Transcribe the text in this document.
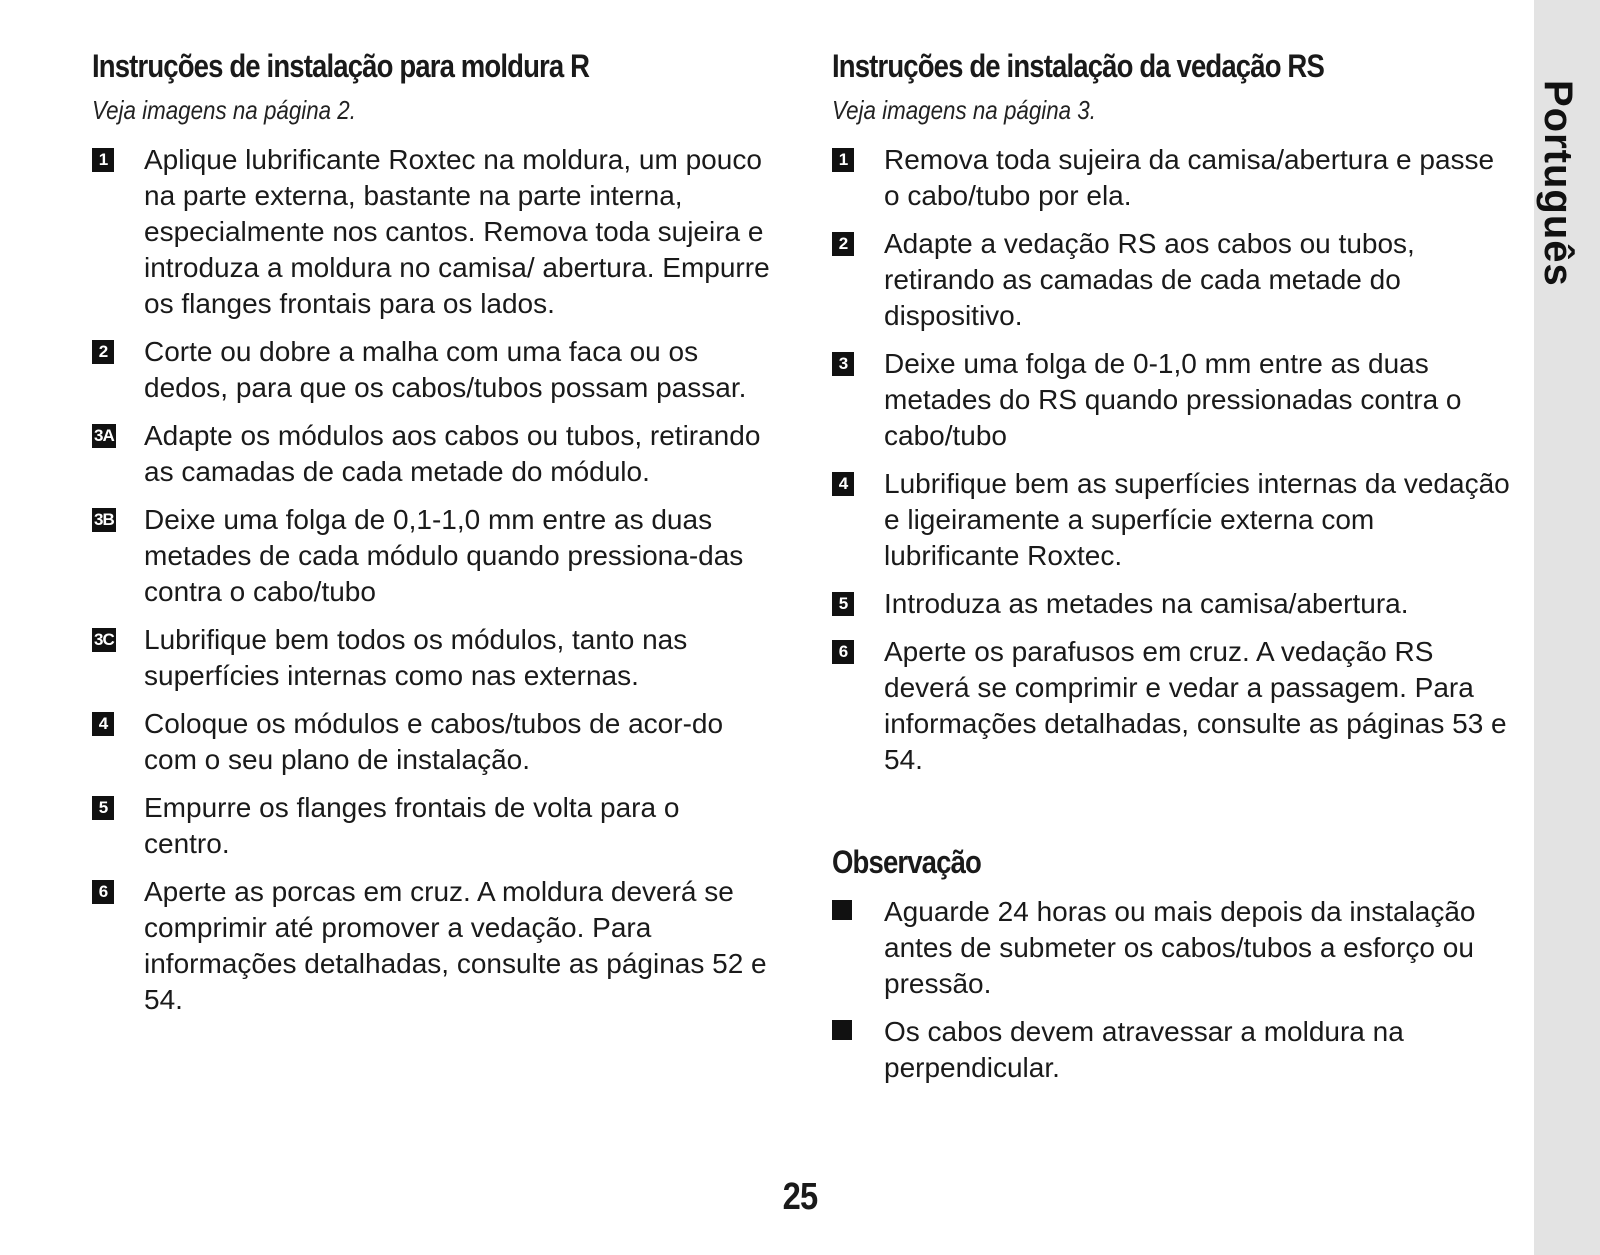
Instruções de instalação para moldura R

Veja imagens na página 2.

1 Aplique lubrificante Roxtec na moldura, um pouco na parte externa, bastante na parte interna, especialmente nos cantos. Remova toda sujeira e introduza a moldura no camisa/ abertura. Empurre os flanges frontais para os lados.
2 Corte ou dobre a malha com uma faca ou os dedos, para que os cabos/tubos possam passar.
3A Adapte os módulos aos cabos ou tubos, retirando as camadas de cada metade do módulo.
3B Deixe uma folga de 0,1-1,0 mm entre as duas metades de cada módulo quando pressiona-das contra o cabo/tubo
3C Lubrifique bem todos os módulos, tanto nas superfícies internas como nas externas.
4 Coloque os módulos e cabos/tubos de acor-do com o seu plano de instalação.
5 Empurre os flanges frontais de volta para o centro.
6 Aperte as porcas em cruz. A moldura deverá se comprimir até promover a vedação. Para informações detalhadas, consulte as páginas 52 e 54.
Instruções de instalação da vedação RS

Veja imagens na página 3.

1 Remova toda sujeira da camisa/abertura e passe o cabo/tubo por ela.
2 Adapte a vedação RS aos cabos ou tubos, retirando as camadas de cada metade do dispositivo.
3 Deixe uma folga de 0-1,0 mm entre as duas metades do RS quando pressionadas contra o cabo/tubo
4 Lubrifique bem as superfícies internas da vedação e ligeiramente a superfície externa com lubrificante Roxtec.
5 Introduza as metades na camisa/abertura.
6 Aperte os parafusos em cruz. A vedação RS deverá se comprimir e vedar a passagem. Para informações detalhadas, consulte as páginas 53 e 54.
Observação
Aguarde 24 horas ou mais depois da instalação antes de submeter os cabos/tubos a esforço ou pressão.
Os cabos devem atravessar a moldura na perpendicular.
25
Português
